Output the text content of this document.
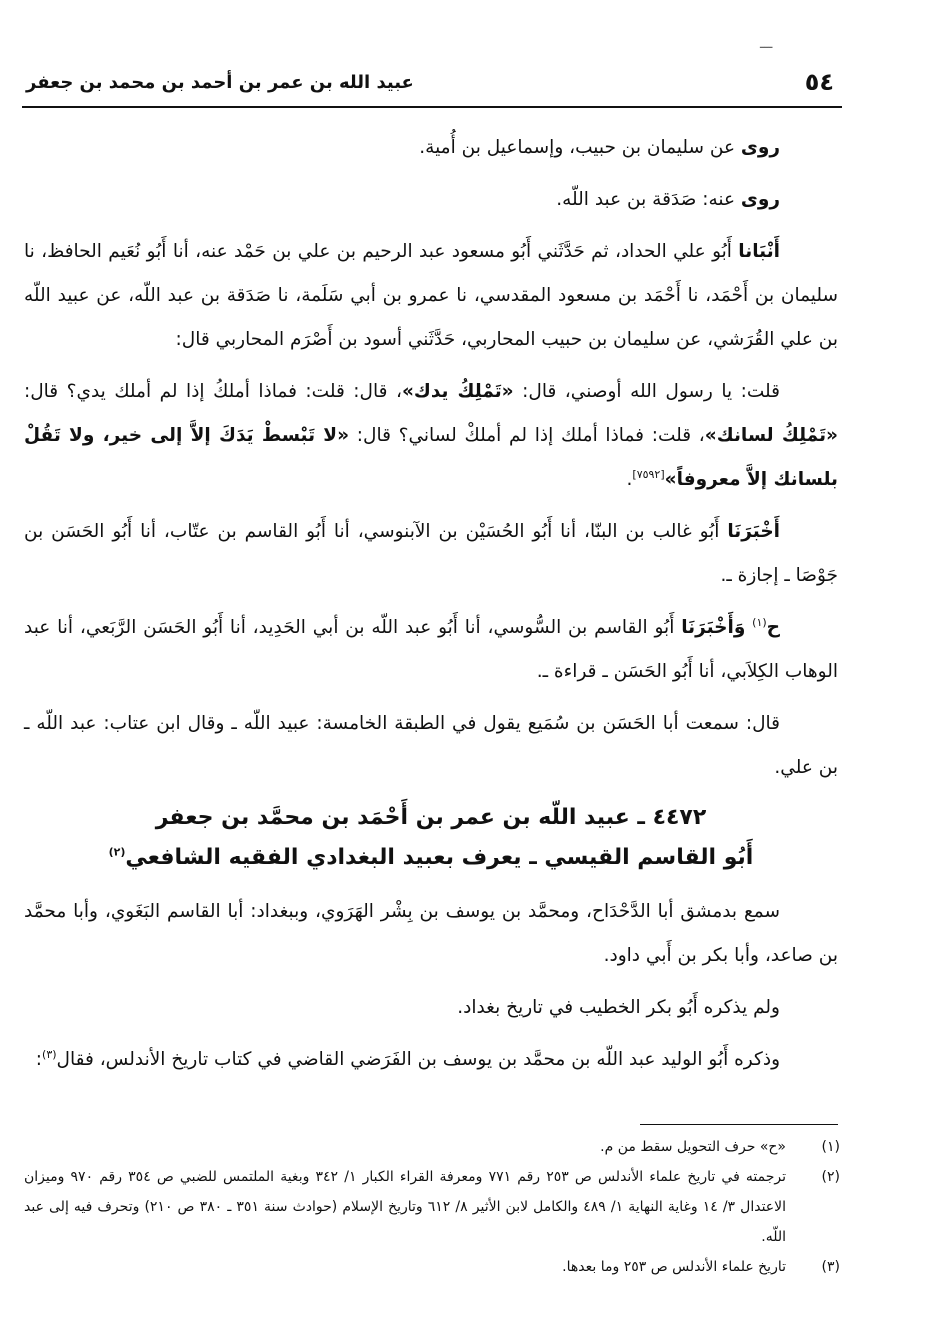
ـــ
٥٤
عبيد الله بن عمر بن أحمد بن محمد بن جعفر

روى عن سليمان بن حبيب، وإسماعيل بن أُمية.

روى عنه: صَدَقة بن عبد اللّه.

أَنْبَانا أَبُو علي الحداد، ثم حَدَّثَني أَبُو مسعود عبد الرحيم بن علي بن حَمْد عنه، أنا أَبُو نُعَيم الحافظ، نا سليمان بن أَحْمَد، نا أَحْمَد بن مسعود المقدسي، نا عمرو بن أبي سَلَمة، نا صَدَقة بن عبد اللّه، عن عبيد اللّه بن علي القُرَشي، عن سليمان بن حبيب المحاربي، حَدَّثَني أسود بن أَصْرَم المحاربي قال:

قلت: يا رسول الله أوصني، قال: «تَمْلِكُ يدك»، قال: قلت: فماذا أملكُ إذا لم أملك يدي؟ قال: «تَمْلِكُ لسانك»، قلت: فماذا أملك إذا لم أملكْ لساني؟ قال: «لا تَبْسطْ يَدَكَ إلاَّ إلى خير، ولا تَقُلْ بلسانك إلاَّ معروفاً»[٧٥٩٢].

أَخْبَرَنَا أَبُو غالب بن البنّا، أنا أَبُو الحُسَيْن بن الآبنوسي، أنا أَبُو القاسم بن عتّاب، أنا أَبُو الحَسَن بن جَوْصَا ـ إجازة ـ.

ح$^{(١)}$ وَأَخْبَرَنَا أَبُو القاسم بن السُّوسي، أنا أَبُو عبد اللّه بن أبي الحَدِيد، أنا أَبُو الحَسَن الرَّبَعي، أنا عبد الوهاب الكِلاَبي، أنا أَبُو الحَسَن ـ قراءة ـ.

قال: سمعت أبا الحَسَن بن سُمَيع يقول في الطبقة الخامسة: عبيد اللّه ـ وقال ابن عتاب: عبد اللّه ـ بن علي.

٤٤٧٢ ـ عبيد اللّه بن عمر بن أَحْمَد بن محمَّد بن جعفر
أَبُو القاسم القيسي ـ يعرف بعبيد البغدادي الفقيه الشافعي$^{(٢)}$

سمع بدمشق أبا الدَّحْدَاح، ومحمَّد بن يوسف بن بِشْر الهَرَوي، وببغداد: أبا القاسم البَغَوي، وأبا محمَّد بن صاعد، وأبا بكر بن أَبي داود.

ولم يذكره أَبُو بكر الخطيب في تاريخ بغداد.

وذكره أَبُو الوليد عبد اللّه بن محمَّد بن يوسف بن الفَرَضي القاضي في كتاب تاريخ الأندلس، فقال$^{(٣)}$:

(١)
«ح» حرف التحويل سقط من م.
(٢)
ترجمته في تاريخ علماء الأندلس ص ٢٥٣ رقم ٧٧١ ومعرفة القراء الكبار ١/ ٣٤٢ وبغية الملتمس للضبي ص ٣٥٤ رقم ٩٧٠ وميزان الاعتدال ٣/ ١٤ وغاية النهاية ١/ ٤٨٩ والكامل لابن الأثير ٨/ ٦١٢ وتاريخ الإسلام (حوادث سنة ٣٥١ ـ ٣٨٠ ص ٢١٠) وتحرف فيه إلى عبد اللّه.
(٣)
تاريخ علماء الأندلس ص ٢٥٣ وما بعدها.
